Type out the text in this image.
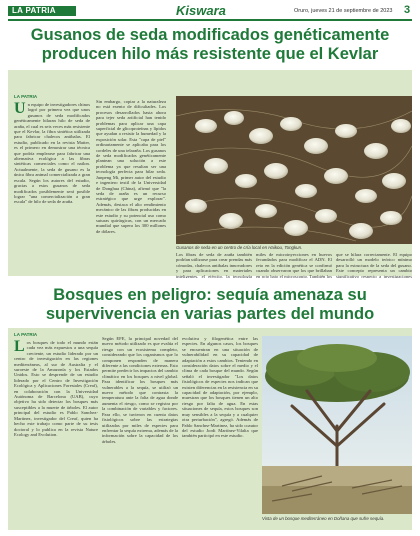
LA PATRIA	Kiswara	Oruro, jueves 21 de septiembre de 2023 3
Gusanos de seda modificados genéticamente producen hilo más resistente que el Kevlar
LA PATRIA
Un equipo de investigadores chinos logró por primera vez que unos gusanos de seda modificados genéticamente hilaran hilo de seda de araña, el cual es seis veces más resistente que el Kevlar, la fibra sintética utilizada para fabricar chalecos antibalas. El estudio, publicado en la revista Matter, es el primero en demostrar una técnica que podría emplearse para fabricar una alternativa ecológica a las fibras sintéticas comerciales como el nailon. Actualmente, la seda de gusano es la única fibra animal comercializada a gran escala. Según los autores del estudio, gracias a estos gusanos de seda modificados posiblemente será posible lograr "una comercialización a gran escala" de hilo de seda de araña.
Sin embargo, copiar a la naturaleza no está exento de dificultades. Los procesos desarrollados hasta ahora para tejer seda artificial han tenido problemas para aplicar una capa superficial de glicoproteínas y lípidos que ayudan a resistir la humedad y la exposición solar. Esta "capa de piel" ordinariamente se aplicaba para los cordeles de una telaraña. Los gusanos de seda modificados genéticamente plantean una solución a este problema ya que resultan ser una tecnología perfecta para hilar seda. Junpeng Mi, primer autor del estudio e ingeniero textil de la Universidad de Donghua (China), afirmó que "la seda de araña es un recurso estratégico que urge explorar". Además, destaca el alto rendimiento mecánico de las fibras producidas en este estudio y su potencial uso como suturas quirúrgicas, con un mercado mundial que supera los 300 millones de dólares.
Gusanos de seda en un centro de cría local en Haikou, Tongkun.
Los fibras de seda de araña también podrían utilizarse para crear prendas más cómodas, chalecos antibalas innovadores y para aplicaciones en materiales inteligentes, el ejército, la tecnología
miles de microinyecciones en huevos fecundados para modificar el ADN. El reto en la edición genética se confirmó cuando observaron que los que brillaban en rojo bajo el microscopio. También los
que se hilara correctamente. El equipo desarrolló un modelo teórico mínimo para la estructura de la seda del gusano. Este concepto representa un cambio significativo respecto a investigaciones
Bosques en peligro: sequía amenaza su supervivencia en varias partes del mundo
LA PATRIA
Los bosques de todo el mundo están cada vez más expuestos a una sequía creciente, un estudio liderado por un centro de investigación en las regiones mediterráneas, al sur de Australia y el suroeste de la Amazonía y los Estados Unidos. Esto se desprende de un estudio liderado por el Centro de Investigación Ecológica y Aplicaciones Forestales (Creaf), en colaboración con la Universidad Autónoma de Barcelona (UAB), cuyo objetivo ha sido detectar los bosques más susceptibles a la muerte de árboles. El autor principal del estudio es Pablo Sanchez-Martinez, investigador del Creaf, quien ha hecho este trabajo como parte de su tesis doctoral y lo publica en la revista Nature Ecology and Evolution.
Según EFE, la principal novedad del nuevo método utilizado es que evalúa el riesgo con un ecosistema completo, considerando que los organismos que lo componen responden de manera diferente a las condiciones externas. Esto permite predecir los impactos del cambio climático en los bosques a nivel global. Para identificar los bosques más vulnerables a la sequía, se utilizó un nuevo método que contrasta la temperatura ante la falta de agua donde aumenta el riesgo, como se registra por la combinación de variables y factores. Para ello, se tuvieron en cuenta datos fisiológicos sobre las estrategias utilizadas por miles de especies para enfrentar la sequía extrema, además de la información sobre la capacidad de los árboles.
evolutiva y filogenética entre las especies. En algunos casos, los bosques se encuentran en una situación de vulnerabilidad en su capacidad de adaptación a estos cambios. Teniendo en consideración datos sobre el medio y el clima de cada bosque del mundo. Según señaló el investigador "Los datos fisiológicos de especies nos indican que existen diferencias en la resistencia en su capacidad de adaptación, por ejemplo, muestran que los bosques tienen un alto riesgo por falta de agua. En estas situaciones de sequía, estos bosques son muy sensibles a la sequía y a cualquier otra perturbación", agregó. Además de Pablo Sanchez-Martinez, ha sido coautor del estudio Jordi Martínez-Vilalta que también participó en este estudio.
Vista de un bosque mediterráneo en Doñana que sufre sequía.
